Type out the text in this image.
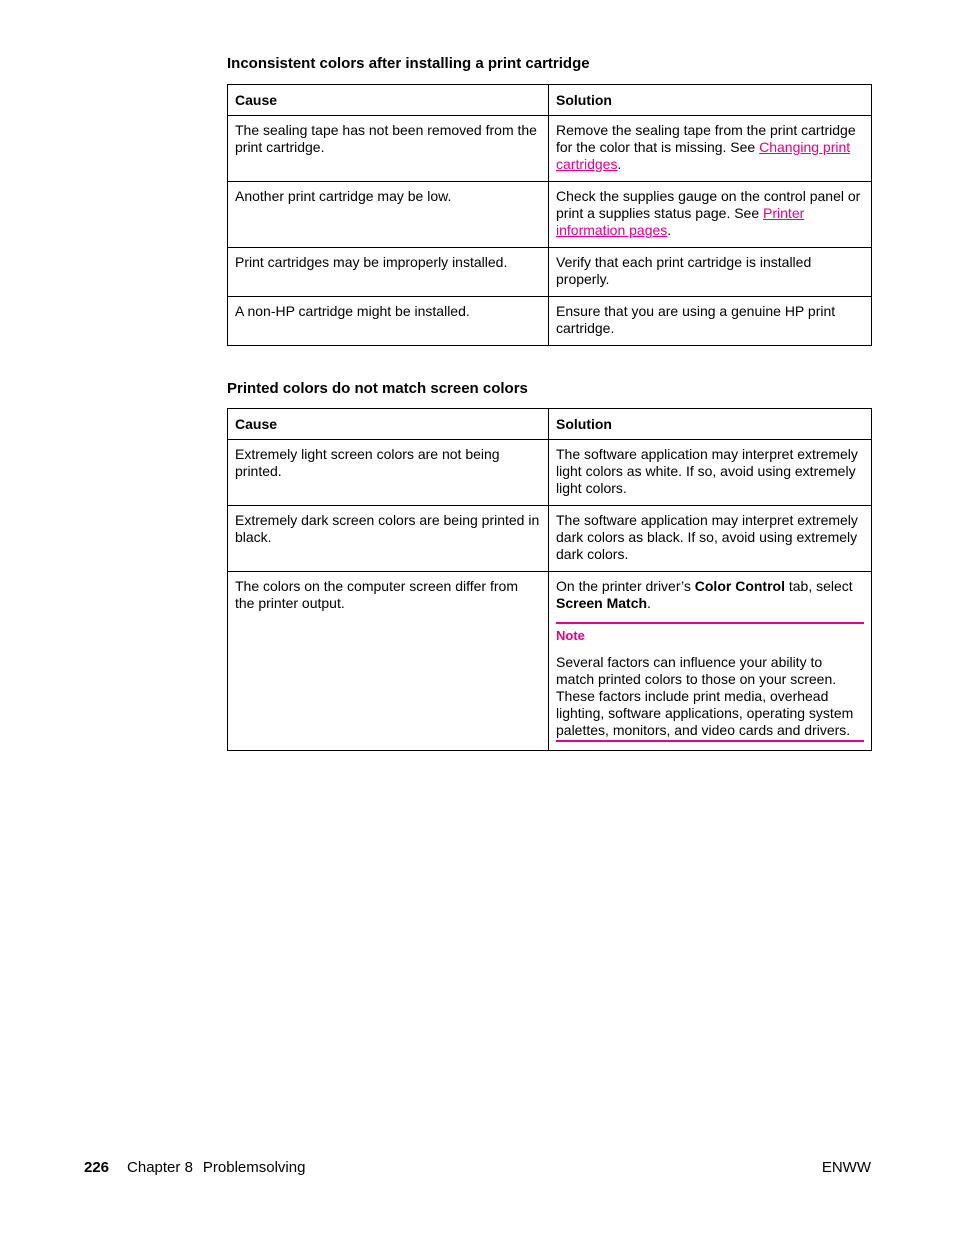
Inconsistent colors after installing a print cartridge
Cause	Solution
The sealing tape has not been removed from the print cartridge.	Remove the sealing tape from the print cartridge for the color that is missing. See Changing print cartridges.
Another print cartridge may be low.	Check the supplies gauge on the control panel or print a supplies status page. See Printer information pages.
Print cartridges may be improperly installed.	Verify that each print cartridge is installed properly.
A non-HP cartridge might be installed.	Ensure that you are using a genuine HP print cartridge.
Printed colors do not match screen colors
Cause	Solution
Extremely light screen colors are not being printed.	The software application may interpret extremely light colors as white. If so, avoid using extremely light colors.
Extremely dark screen colors are being printed in black.	The software application may interpret extremely dark colors as black. If so, avoid using extremely dark colors.
The colors on the computer screen differ from the printer output.	On the printer driver’s Color Control tab, select Screen Match.
Note
Several factors can influence your ability to match printed colors to those on your screen. These factors include print media, overhead lighting, software applications, operating system palettes, monitors, and video cards and drivers.
226 Chapter 8 Problemsolving	ENWW
